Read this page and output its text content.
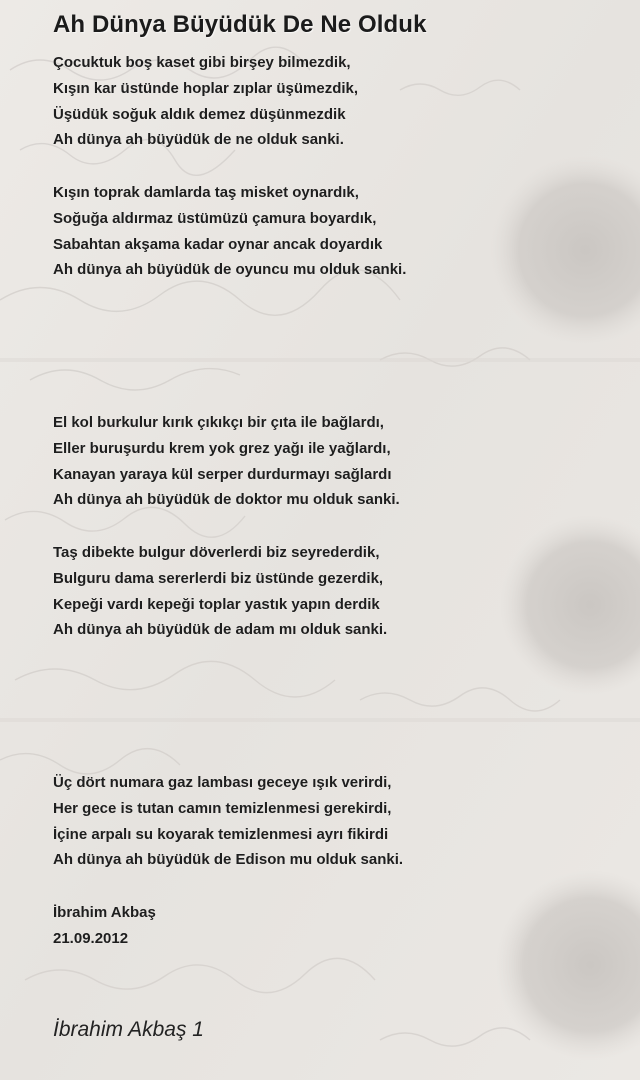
Ah Dünya Büyüdük De Ne Olduk
Çocuktuk boş kaset gibi birşey bilmezdik,
Kışın kar üstünde hoplar zıplar üşümezdik,
Üşüdük soğuk aldık demez düşünmezdik
Ah dünya ah büyüdük de ne olduk sanki.
Kışın toprak damlarda taş misket oynardık,
Soğuğa aldırmaz üstümüzü çamura boyardık,
Sabahtan akşama kadar oynar ancak doyardık
Ah dünya ah büyüdük de oyuncu mu olduk sanki.
El kol burkulur kırık çıkıkçı bir çıta ile bağlardı,
Eller buruşurdu krem yok grez yağı ile yağlardı,
Kanayan yaraya kül serper durdurmayı sağlardı
Ah dünya ah büyüdük de doktor mu olduk sanki.
Taş dibekte bulgur döverlerdi biz seyrederdik,
Bulguru dama sererlerdi biz üstünde gezerdik,
Kepeği vardı kepeği toplar yastık yapın derdik
Ah dünya ah büyüdük de adam mı olduk sanki.
Üç dört numara gaz lambası geceye ışık verirdi,
Her gece is tutan camın temizlenmesi gerekirdi,
İçine arpalı su koyarak temizlenmesi ayrı fikirdi
Ah dünya ah büyüdük de Edison mu olduk sanki.
İbrahim Akbaş
21.09.2012
İbrahim Akbaş 1
